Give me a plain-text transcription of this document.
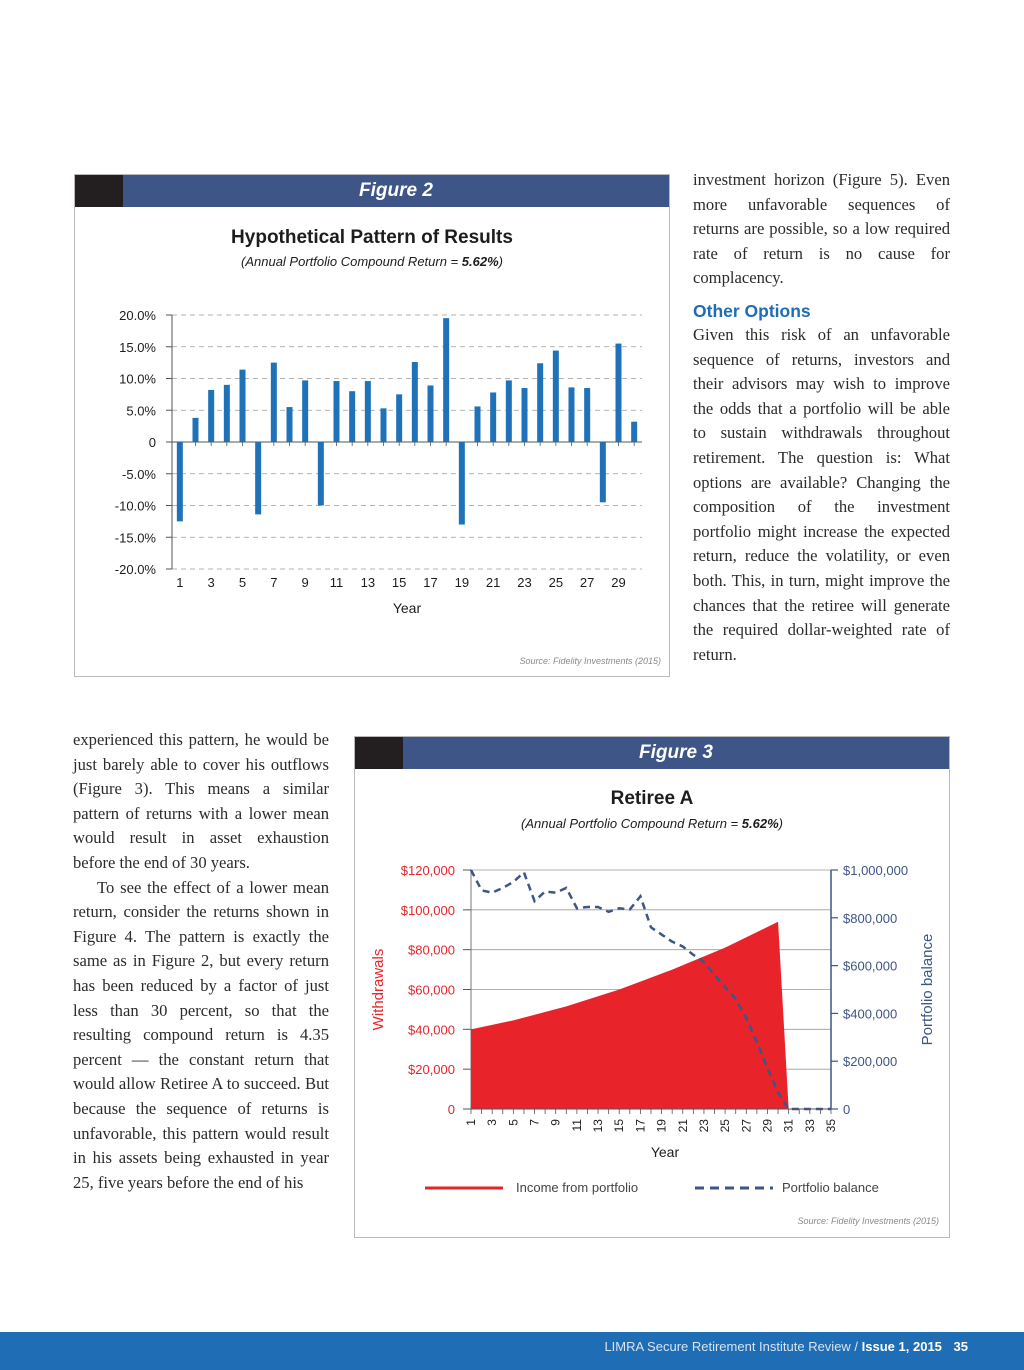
Figure 2
Hypothetical Pattern of Results
(Annual Portfolio Compound Return = 5.62%)
20.0%
15.0%
10.0%
5.0%
0
-5.0%
-10.0%
-15.0%
-20.0%
1 3 5 7 9 11 13 15 17 19 21 23 25 27 29
Year
Source: Fidelity Investments (2015)

investment horizon (Figure 5). Even more unfavorable sequences of returns are possible, so a low required rate of return is no cause for complacency.

Other Options

Given this risk of an unfavorable sequence of returns, investors and their advisors may wish to improve the odds that a portfolio will be able to sustain withdrawals throughout retirement. The question is: What options are available? Changing the composition of the investment portfolio might increase the expected return, reduce the volatility, or even both. This, in turn, might improve the chances that the retiree will generate the required dollar-weighted rate of return.

experienced this pattern, he would be just barely able to cover his outflows (Figure 3). This means a similar pattern of returns with a lower mean would result in asset exhaustion before the end of 30 years.

To see the effect of a lower mean return, consider the returns shown in Figure 4. The pattern is exactly the same as in Figure 2, but every return has been reduced by a factor of just less than 30 percent, so that the resulting compound return is 4.35 percent — the constant return that would allow Retiree A to succeed. But because the sequence of returns is unfavorable, this pattern would result in his assets being exhausted in year 25, five years before the end of his

Figure 3
Retiree A
(Annual Portfolio Compound Return = 5.62%)
$120,000
$100,000
$80,000
$60,000
$40,000
$20,000
0
$1,000,000
$800,000
$600,000
$400,000
$200,000
0
1 3 5 7 9 11 13 15 17 19 21 23 25 27 29 31 33 35
Year
Withdrawals	Portfolio balance
Income from portfolio	Portfolio balance
Source: Fidelity Investments (2015)
LIMRA Secure Retirement Institute Review / Issue 1, 2015 35
